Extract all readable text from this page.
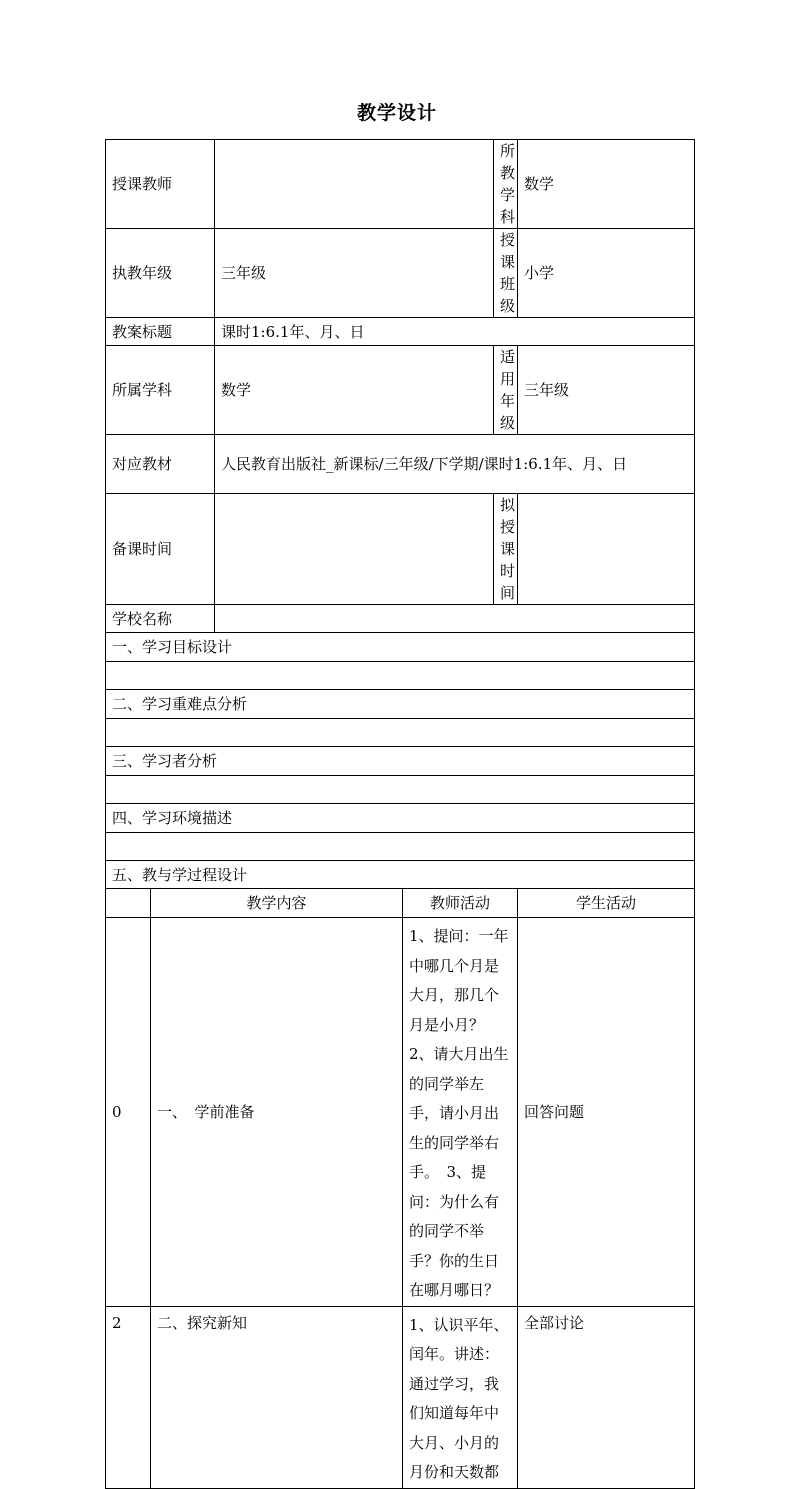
教学设计
授课教师				所教学科	数学
执教年级		三年级		授课班级	小学
教案标题		课时1:6.1年、月、日			
所属学科		数学		适用年级	三年级
对应教材		人民教育出版社_新课标/三年级/下学期/课时1:6.1年、月、日			
备课时间				拟授课时间	
学校名称					
一、学习目标设计					

二、学习重难点分析					

三、学习者分析					

四、学习环境描述					

五、教与学过程设计					
	教学内容		教师活动		学生活动
0	一、　学前准备		1、提问：一年中哪几个月是大月，那几个月是小月？ 2、请大月出生的同学举左手，请小月出生的同学举右手。　3、提问：为什么有的同学不举手？你的生日在哪月哪日？		回答问题
2	二、探究新知		1、认识平年、闰年。讲述：通过学习，我们知道每年中大月、小月的月份和天数都		全部讨论
